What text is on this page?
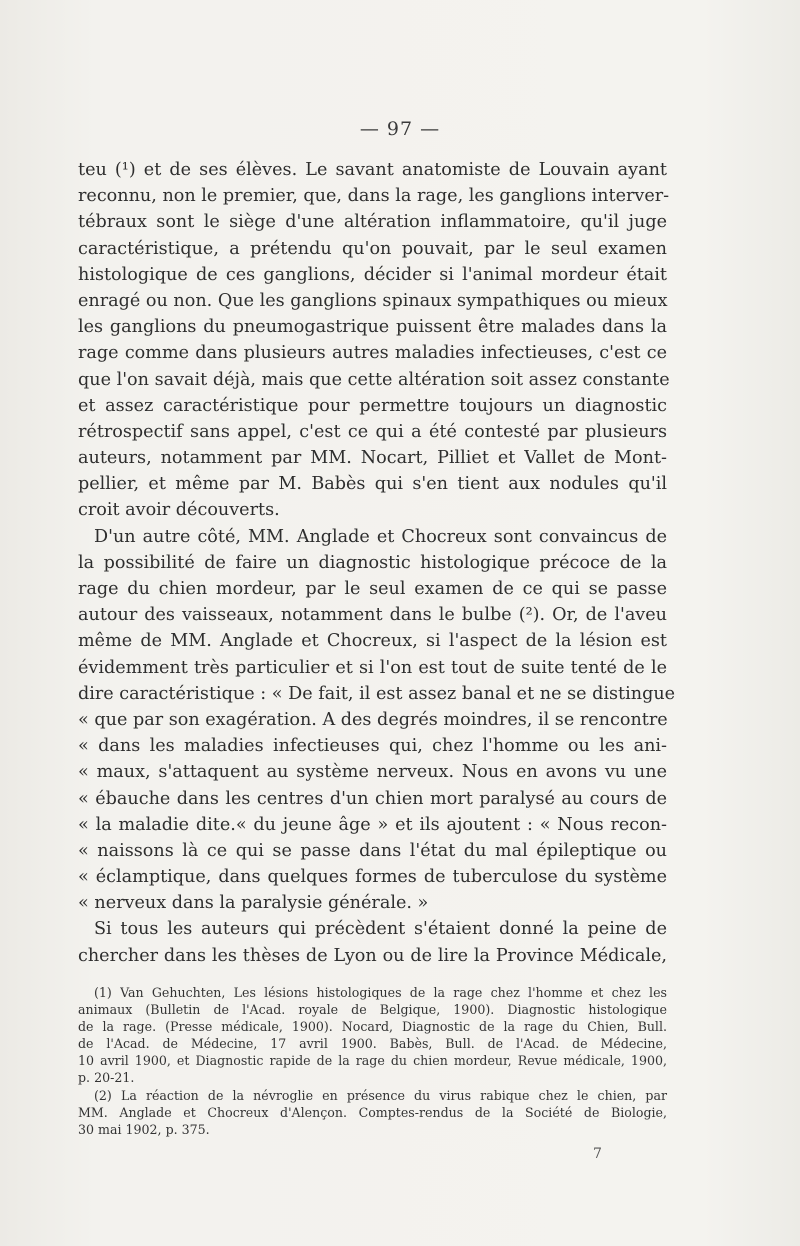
— 97 —
teu (¹) et de ses élèves. Le savant anatomiste de Louvain ayant
reconnu, non le premier, que, dans la rage, les ganglions interver-
tébraux sont le siège d'une altération inflammatoire, qu'il juge
caractéristique, a prétendu qu'on pouvait, par le seul examen
histologique de ces ganglions, décider si l'animal mordeur était
enragé ou non. Que les ganglions spinaux sympathiques ou mieux
les ganglions du pneumogastrique puissent être malades dans la
rage comme dans plusieurs autres maladies infectieuses, c'est ce
que l'on savait déjà, mais que cette altération soit assez constante
et assez caractéristique pour permettre toujours un diagnostic
rétrospectif sans appel, c'est ce qui a été contesté par plusieurs
auteurs, notamment par MM. Nocart, Pilliet et Vallet de Mont-
pellier, et même par M. Babès qui s'en tient aux nodules qu'il
croit avoir découverts.
D'un autre côté, MM. Anglade et Chocreux sont convaincus de
la possibilité de faire un diagnostic histologique précoce de la
rage du chien mordeur, par le seul examen de ce qui se passe
autour des vaisseaux, notamment dans le bulbe (²). Or, de l'aveu
même de MM. Anglade et Chocreux, si l'aspect de la lésion est
évidemment très particulier et si l'on est tout de suite tenté de le
dire caractéristique : « De fait, il est assez banal et ne se distingue
« que par son exagération. A des degrés moindres, il se rencontre
« dans les maladies infectieuses qui, chez l'homme ou les ani-
« maux, s'attaquent au système nerveux. Nous en avons vu une
« ébauche dans les centres d'un chien mort paralysé au cours de
« la maladie dite.« du jeune âge » et ils ajoutent : « Nous recon-
« naissons là ce qui se passe dans l'état du mal épileptique ou
« éclamptique, dans quelques formes de tuberculose du système
« nerveux dans la paralysie générale. »
Si tous les auteurs qui précèdent s'étaient donné la peine de
chercher dans les thèses de Lyon ou de lire la Province Médicale,
(1) Van Gehuchten, Les lésions histologiques de la rage chez l'homme et chez les
animaux (Bulletin de l'Acad. royale de Belgique, 1900). Diagnostic histologique
de la rage. (Presse médicale, 1900). Nocard, Diagnostic de la rage du Chien, Bull.
de l'Acad. de Médecine, 17 avril 1900. Babès, Bull. de l'Acad. de Médecine,
10 avril 1900, et Diagnostic rapide de la rage du chien mordeur, Revue médicale, 1900,
p. 20-21.
(2) La réaction de la névroglie en présence du virus rabique chez le chien, par
MM. Anglade et Chocreux d'Alençon. Comptes-rendus de la Société de Biologie,
30 mai 1902, p. 375.
7
